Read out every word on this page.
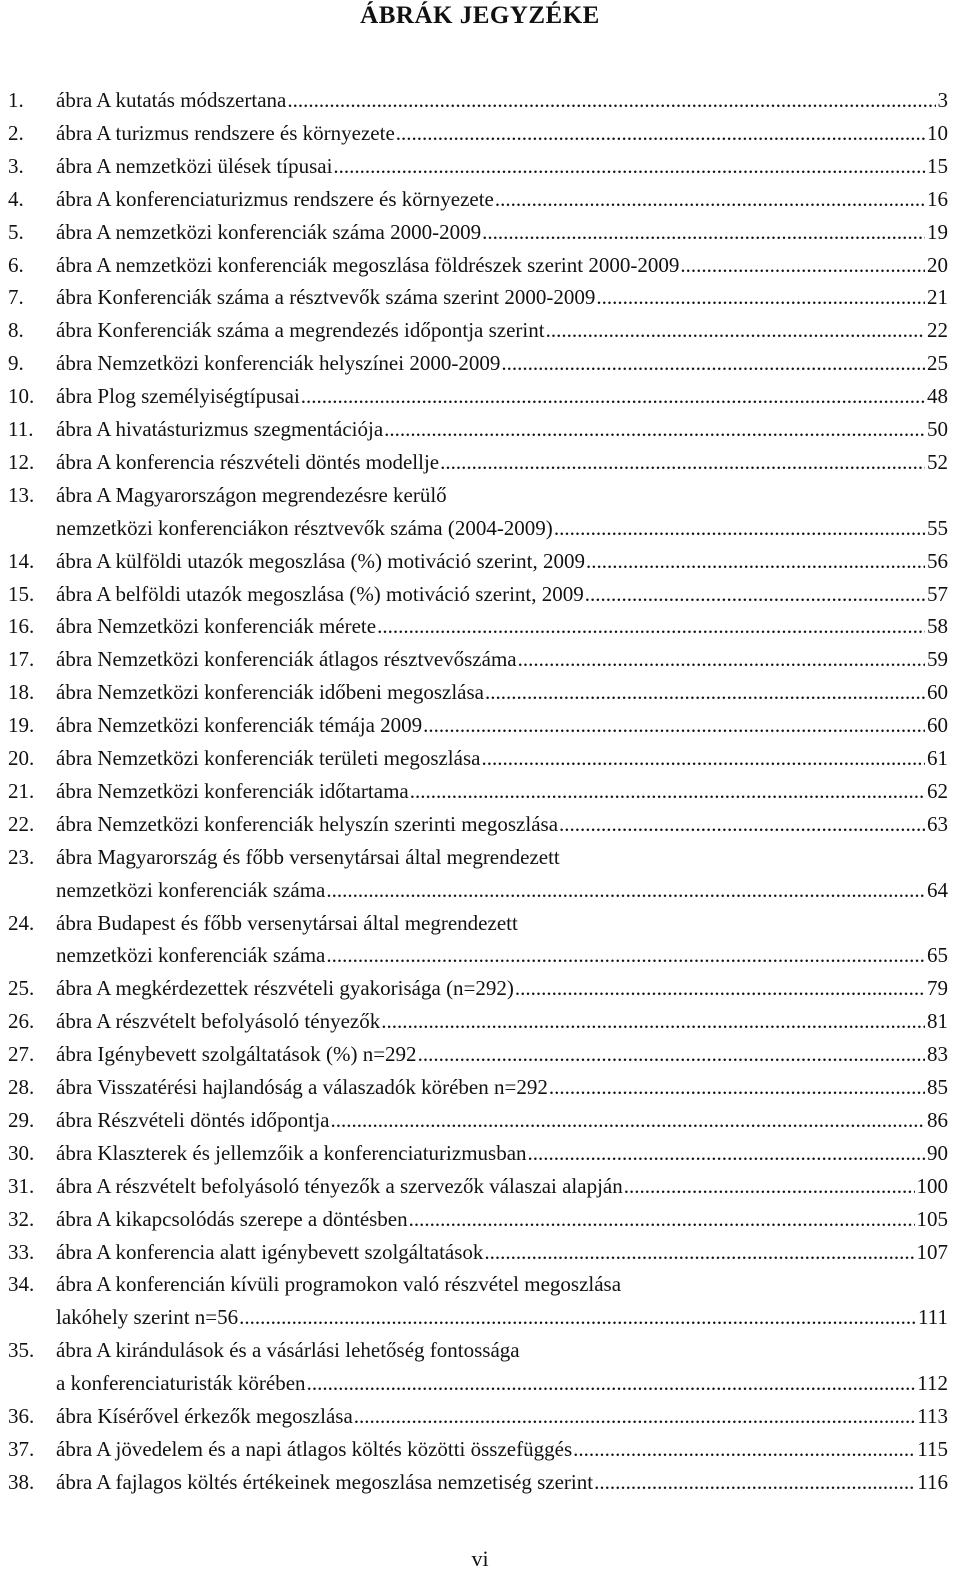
ÁBRÁK JEGYZÉKE
1. ábra A kutatás módszertana .....	3
2. ábra A turizmus rendszere és környezete .....	10
3. ábra A nemzetközi ülések típusai .....	15
4. ábra A konferenciaturizmus rendszere és környezete .....	16
5. ábra A nemzetközi konferenciák száma 2000-2009 .....	19
6. ábra A nemzetközi konferenciák megoszlása földrészek szerint 2000-2009 .....	20
7. ábra Konferenciák száma a résztvevők száma szerint 2000-2009 .....	21
8. ábra Konferenciák száma a megrendezés időpontja szerint .....	22
9. ábra Nemzetközi konferenciák helyszínei 2000-2009 .....	25
10. ábra Plog személyiségtípusai .....	48
11. ábra A hivatásturizmus szegmentációja .....	50
12. ábra A konferencia részvételi döntés modellje .....	52
13. ábra A Magyarországon megrendezésre kerülő
nemzetközi konferenciákon résztvevők száma (2004-2009) .....	55
14. ábra A külföldi utazók megoszlása (%) motiváció szerint, 2009 .....	56
15. ábra A belföldi utazók megoszlása (%) motiváció szerint, 2009 .....	57
16. ábra Nemzetközi konferenciák mérete .....	58
17. ábra Nemzetközi konferenciák átlagos résztvevőszáma .....	59
18. ábra Nemzetközi konferenciák időbeni megoszlása .....	60
19. ábra Nemzetközi konferenciák témája 2009 .....	60
20. ábra Nemzetközi konferenciák területi megoszlása .....	61
21. ábra Nemzetközi konferenciák időtartama .....	62
22. ábra Nemzetközi konferenciák helyszín szerinti megoszlása .....	63
23. ábra Magyarország és főbb versenytársai által megrendezett
nemzetközi konferenciák száma .....	64
24. ábra Budapest és főbb versenytársai által megrendezett
nemzetközi konferenciák száma .....	65
25. ábra A megkérdezettek részvételi gyakorisága (n=292) .....	79
26. ábra A részvételt befolyásoló tényezők .....	81
27. ábra Igénybevett szolgáltatások (%) n=292 .....	83
28. ábra Visszatérési hajlandóság a válaszadók körében n=292 .....	85
29. ábra Részvételi döntés időpontja .....	86
30. ábra Klaszterek és jellemzőik a konferenciaturizmusban .....	90
31. ábra A részvételt befolyásoló tényezők a szervezők válaszai alapján .....	100
32. ábra A kikapcsolódás szerepe a döntésben .....	105
33. ábra A konferencia alatt igénybevett szolgáltatások .....	107
34. ábra A konferencián kívüli programokon való részvétel megoszlása
lakóhely szerint n=56 .....	111
35. ábra A kirándulások és a vásárlási lehetőség fontossága
a konferenciaturisták körében .....	112
36. ábra Kísérővel érkezők megoszlása .....	113
37. ábra A jövedelem és a napi átlagos költés közötti összefüggés .....	115
38. ábra A fajlagos költés értékeinek megoszlása nemzetiség szerint .....	116
vi
